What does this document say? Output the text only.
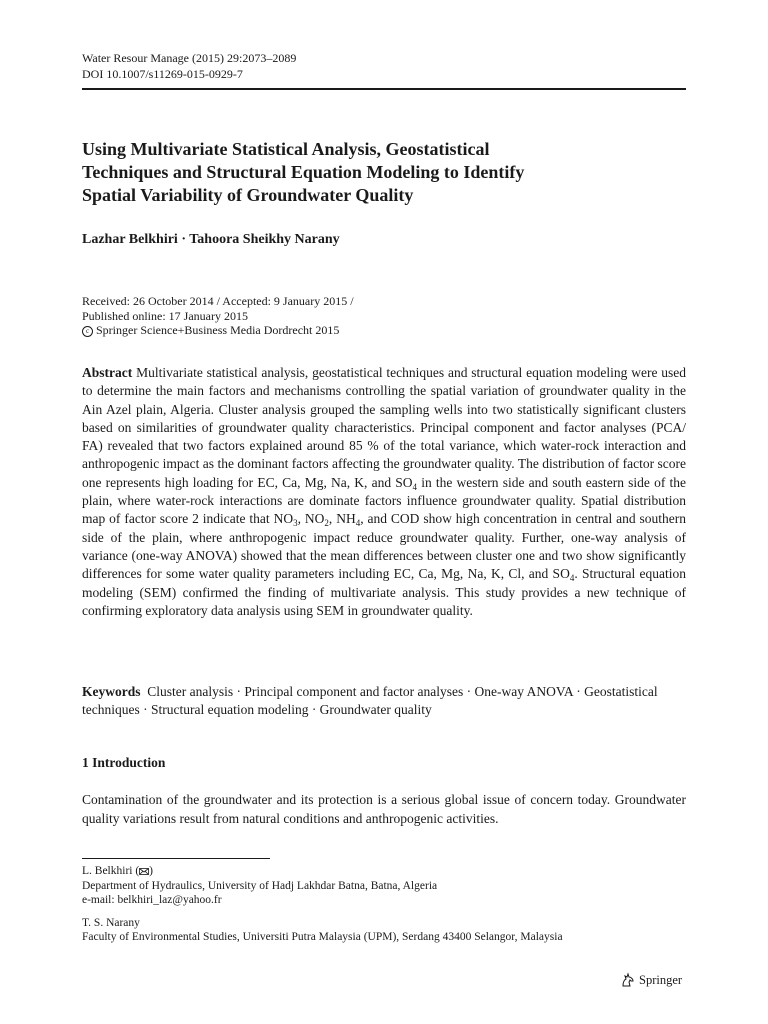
Water Resour Manage (2015) 29:2073–2089
DOI 10.1007/s11269-015-0929-7
Using Multivariate Statistical Analysis, Geostatistical
Techniques and Structural Equation Modeling to Identify
Spatial Variability of Groundwater Quality
Lazhar Belkhiri · Tahoora Sheikhy Narany
Received: 26 October 2014 / Accepted: 9 January 2015 /
Published online: 17 January 2015
c Springer Science+Business Media Dordrecht 2015
Abstract Multivariate statistical analysis, geostatistical techniques and structural equation modeling were used to determine the main factors and mechanisms controlling the spatial variation of groundwater quality in the Ain Azel plain, Algeria. Cluster analysis grouped the sampling wells into two statistically significant clusters based on similarities of groundwater quality characteristics. Principal component and factor analyses (PCA/ FA) revealed that two factors explained around 85 % of the total variance, which water-rock interaction and anthropogenic impact as the dominant factors affecting the groundwater quality. The distribution of factor score one represents high loading for EC, Ca, Mg, Na, K, and $SO_4$ in the western side and south eastern side of the plain, where water-rock interactions are dominate factors influence groundwater quality. Spatial distribution map of factor score 2 indicate that $NO_3$, $NO_2$, $NH_4$, and COD show high concentration in central and southern side of the plain, where anthropogenic impact reduce groundwater quality. Further, one-way analysis of variance (one-way ANOVA) showed that the mean differences between cluster one and two show significantly differences for some water quality parameters including EC, Ca, Mg, Na, K, Cl, and $SO_4$. Structural equation modeling (SEM) confirmed the finding of multivariate analysis. This study provides a new technique of confirming exploratory data analysis using SEM in groundwater quality.
Keywords Cluster analysis · Principal component and factor analyses · One-way ANOVA · Geostatistical techniques · Structural equation modeling · Groundwater quality
1 Introduction
Contamination of the groundwater and its protection is a serious global issue of concern today. Groundwater quality variations result from natural conditions and anthropogenic activities.
L. Belkhiri ( )
Department of Hydraulics, University of Hadj Lakhdar Batna, Batna, Algeria
e-mail: belkhiri_laz@yahoo.fr
T. S. Narany
Faculty of Environmental Studies, Universiti Putra Malaysia (UPM), Serdang 43400 Selangor, Malaysia
Springer
